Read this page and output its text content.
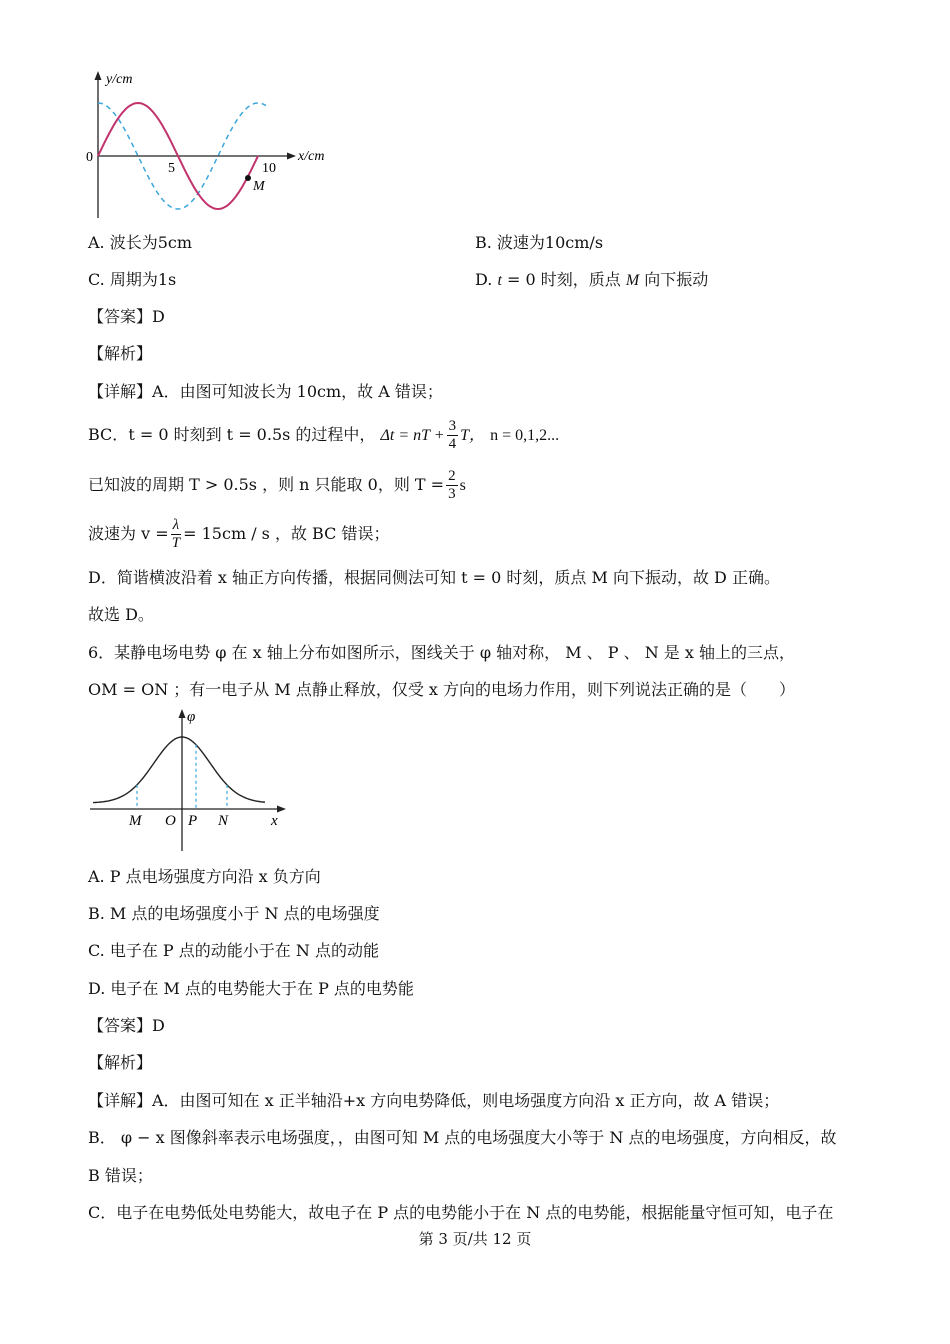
y/cm
x/cm
0
5	10
M
A. 波长为5cm	B. 波速为10cm/s
C. 周期为1s	D. t = 0 时刻，质点 M 向下振动
【答案】D
【解析】
【详解】A．由图可知波长为 10cm，故 A 错误；
BC．t = 0 时刻到 t = 0.5s 的过程中， Δt = nT + $\frac{3}{4}$ T， n = 0,1,2...
已知波的周期 T > 0.5s ，则 n 只能取 0，则 $T = \frac{2}{3}$ s
波速为 $v = \frac{\lambda}{T} = 15cm / s$ ，故 BC 错误；
D．简谐横波沿着 x 轴正方向传播，根据同侧法可知 t = 0 时刻，质点 M 向下振动，故 D 正确。
故选 D。
6．某静电场电势 φ 在 x 轴上分布如图所示，图线关于 φ 轴对称， M 、 P 、 N 是 x 轴上的三点，
OM = ON ；有一电子从 M 点静止释放，仅受 x 方向的电场力作用，则下列说法正确的是（　　）
φ
x
M O P N
A. P 点电场强度方向沿 x 负方向
B. M 点的电场强度小于 N 点的电场强度
C. 电子在 P 点的动能小于在 N 点的动能
D. 电子在 M 点的电势能大于在 P 点的电势能
【答案】D
【解析】
【详解】A．由图可知在 x 正半轴沿+x 方向电势降低，则电场强度方向沿 x 正方向，故 A 错误；
B． φ − x 图像斜率表示电场强度，，由图可知 M 点的电场强度大小等于 N 点的电场强度，方向相反，故
B 错误；
C．电子在电势低处电势能大，故电子在 P 点的电势能小于在 N 点的电势能，根据能量守恒可知，电子在
第 3 页/共 12 页
